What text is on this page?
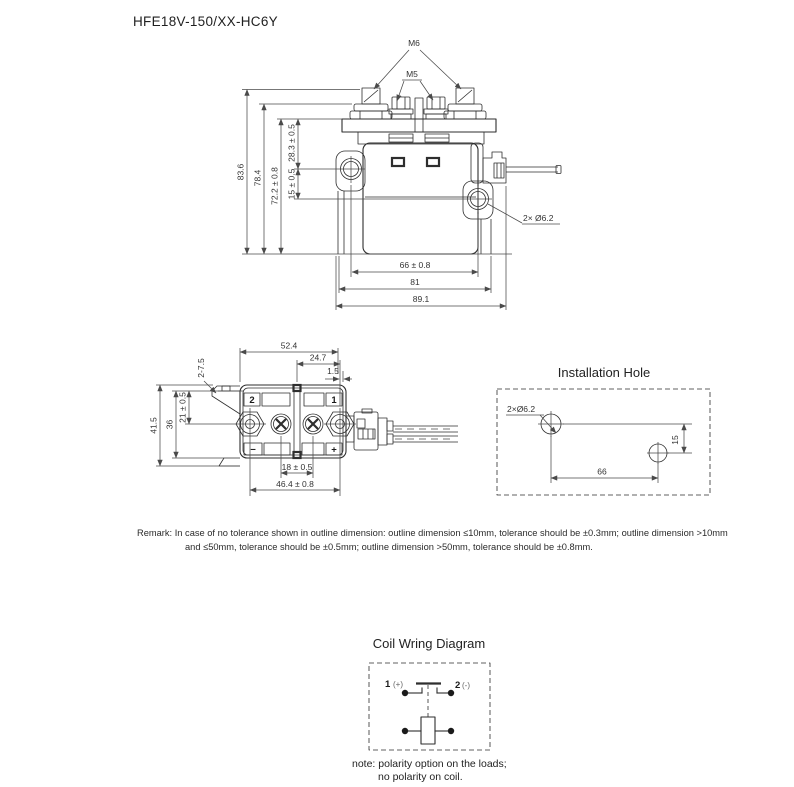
HFE18V-150/XX-HC6Y
83.6 78.4 72.2 ± 0.8
28.3 ± 0.5
15 ± 0.5
66 ± 0.8
81
89.1
M6
M5
2× Ø6.2
2	1
−	+
52.4
24.7
1.5
2-7.5
41.5 36
21 ± 0.5
18 ± 0.5
46.4 ± 0.8
Installation Hole
2×Ø6.2
15
66
Remark: In case of no tolerance shown in outline dimension: outline dimension ≤10mm, tolerance should be ±0.3mm; outline dimension >10mm
and ≤50mm, tolerance should be ±0.5mm; outline dimension >50mm, tolerance should be ±0.8mm.
Coil Wring Diagram
1 (+)	2 (-)
note: polarity option on the loads;
no polarity on coil.
